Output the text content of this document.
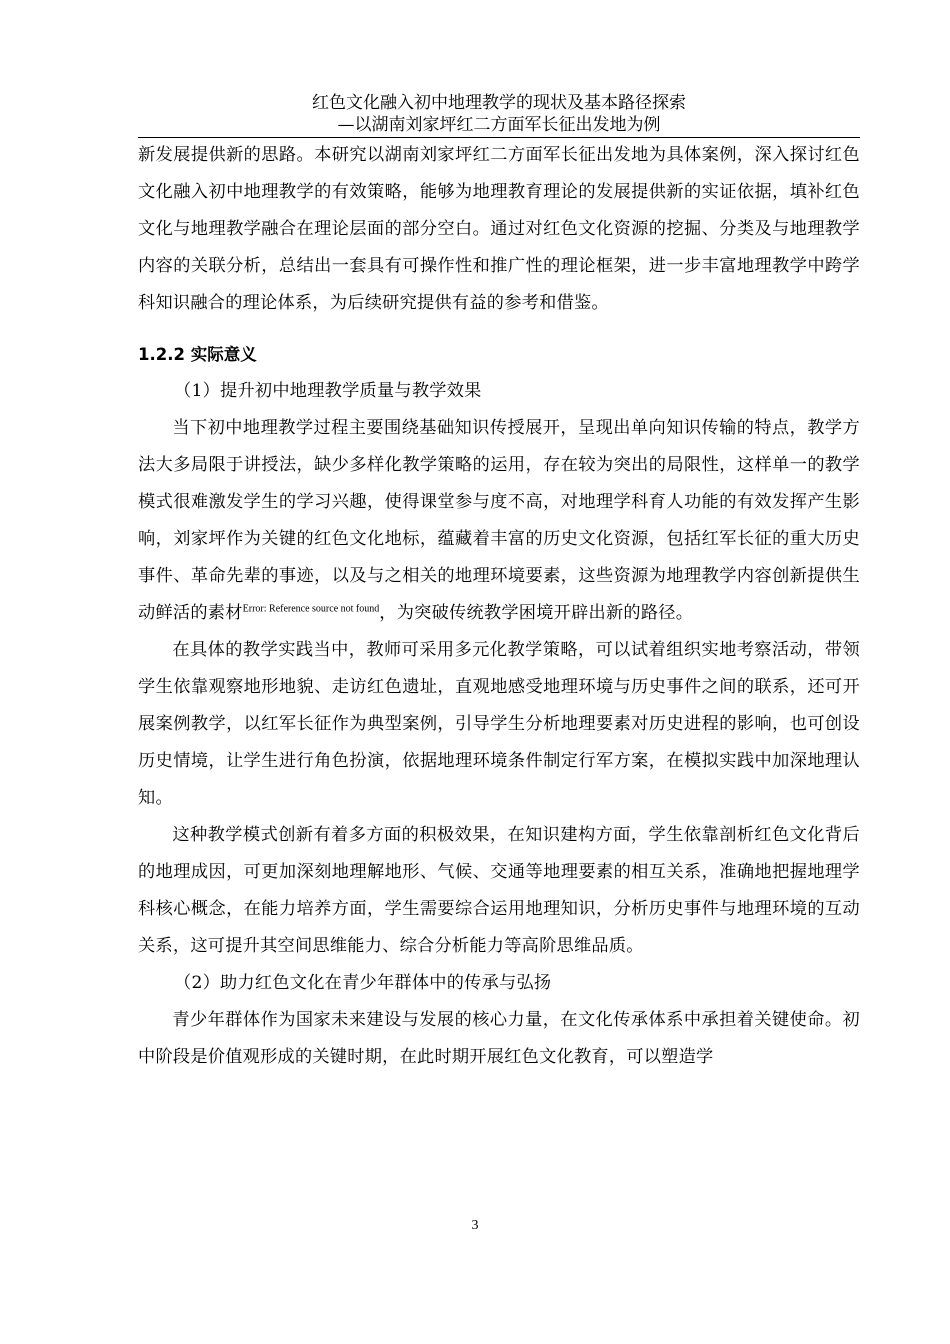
红色文化融入初中地理教学的现状及基本路径探索
—以湖南刘家坪红二方面军长征出发地为例

新发展提供新的思路。本研究以湖南刘家坪红二方面军长征出发地为具体案例，深入探讨红色文化融入初中地理教学的有效策略，能够为地理教育理论的发展提供新的实证依据，填补红色文化与地理教学融合在理论层面的部分空白。通过对红色文化资源的挖掘、分类及与地理教学内容的关联分析，总结出一套具有可操作性和推广性的理论框架，进一步丰富地理教学中跨学科知识融合的理论体系，为后续研究提供有益的参考和借鉴。

1.2.2 实际意义

（1）提升初中地理教学质量与教学效果

当下初中地理教学过程主要围绕基础知识传授展开，呈现出单向知识传输的特点，教学方法大多局限于讲授法，缺少多样化教学策略的运用，存在较为突出的局限性，这样单一的教学模式很难激发学生的学习兴趣，使得课堂参与度不高，对地理学科育人功能的有效发挥产生影响，刘家坪作为关键的红色文化地标，蕴藏着丰富的历史文化资源，包括红军长征的重大历史事件、革命先辈的事迹，以及与之相关的地理环境要素，这些资源为地理教学内容创新提供生动鲜活的素材$^{Error: Reference source not found}$，为突破传统教学困境开辟出新的路径。

在具体的教学实践当中，教师可采用多元化教学策略，可以试着组织实地考察活动，带领学生依靠观察地形地貌、走访红色遗址，直观地感受地理环境与历史事件之间的联系，还可开展案例教学，以红军长征作为典型案例，引导学生分析地理要素对历史进程的影响，也可创设历史情境，让学生进行角色扮演，依据地理环境条件制定行军方案，在模拟实践中加深地理认知。

这种教学模式创新有着多方面的积极效果，在知识建构方面，学生依靠剖析红色文化背后的地理成因，可更加深刻地理解地形、气候、交通等地理要素的相互关系，准确地把握地理学科核心概念，在能力培养方面，学生需要综合运用地理知识，分析历史事件与地理环境的互动关系，这可提升其空间思维能力、综合分析能力等高阶思维品质。

（2）助力红色文化在青少年群体中的传承与弘扬

青少年群体作为国家未来建设与发展的核心力量，在文化传承体系中承担着关键使命。初中阶段是价值观形成的关键时期，在此时期开展红色文化教育，可以塑造学

3
